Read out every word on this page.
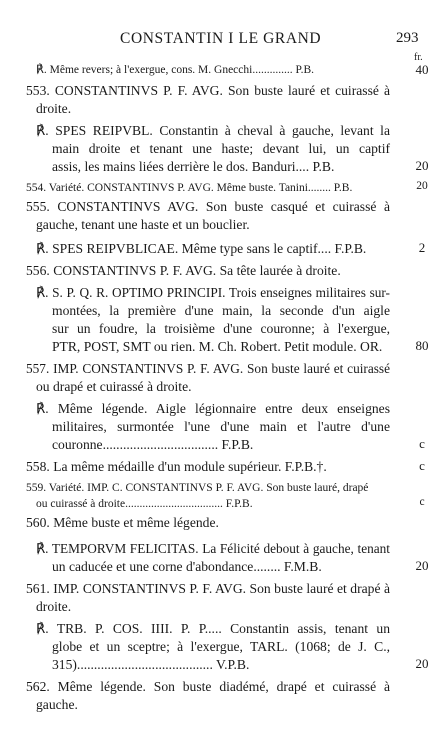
CONSTANTIN I LE GRAND	293
fr.
℟. Même revers; à l'exergue, cons. M. Gnecchi.............. P.B.	40
553. CONSTANTINVS P. F. AVG. Son buste lauré et cuirassé à
droite.
℟. SPES REIPVBL. Constantin à cheval à gauche, levant la
main droite et tenant une haste; devant lui, un captif
assis, les mains liées derrière le dos. Banduri.... P.B.	20
554. Variété. CONSTANTINVS P. AVG. Même buste. Tanini........ P.B.	20
555. CONSTANTINVS AVG. Son buste casqué et cuirassé à
gauche, tenant une haste et un bouclier.
℟. SPES REIPVBLICAE. Même type sans le captif.... F.P.B.	2
556. CONSTANTINVS P. F. AVG. Sa tête laurée à droite.
℟. S. P. Q. R. OPTIMO PRINCIPI. Trois enseignes militaires sur-
montées, la première d'une main, la seconde d'un aigle
sur un foudre, la troisième d'une couronne; à l'exergue,
PTR, POST, SMT ou rien. M. Ch. Robert. Petit module. OR.	80
557. IMP. CONSTANTINVS P. F. AVG. Son buste lauré et cuirassé
ou drapé et cuirassé à droite.
℟. Même légende. Aigle légionnaire entre deux enseignes
militaires, surmontée l'une d'une main et l'autre d'une
couronne.................................. F.P.B.	c
558. La même médaille d'un module supérieur. F.P.B.†.	c
559. Variété. IMP. C. CONSTANTINVS P. F. AVG. Son buste lauré, drapé
ou cuirassé à droite.................................. F.P.B.	c
560. Même buste et même légende.
℟. TEMPORVM FELICITAS. La Félicité debout à gauche, tenant
un caducée et une corne d'abondance........ F.M.B.	20
561. IMP. CONSTANTINVS P. F. AVG. Son buste lauré et drapé à
droite.
℟. TRB. P. COS. IIII. P. P..... Constantin assis, tenant un
globe et un sceptre; à l'exergue, TARL. (1068; de J. C.,
315)........................................ V.P.B.	20
562. Même légende. Son buste diadémé, drapé et cuirassé à
gauche.
